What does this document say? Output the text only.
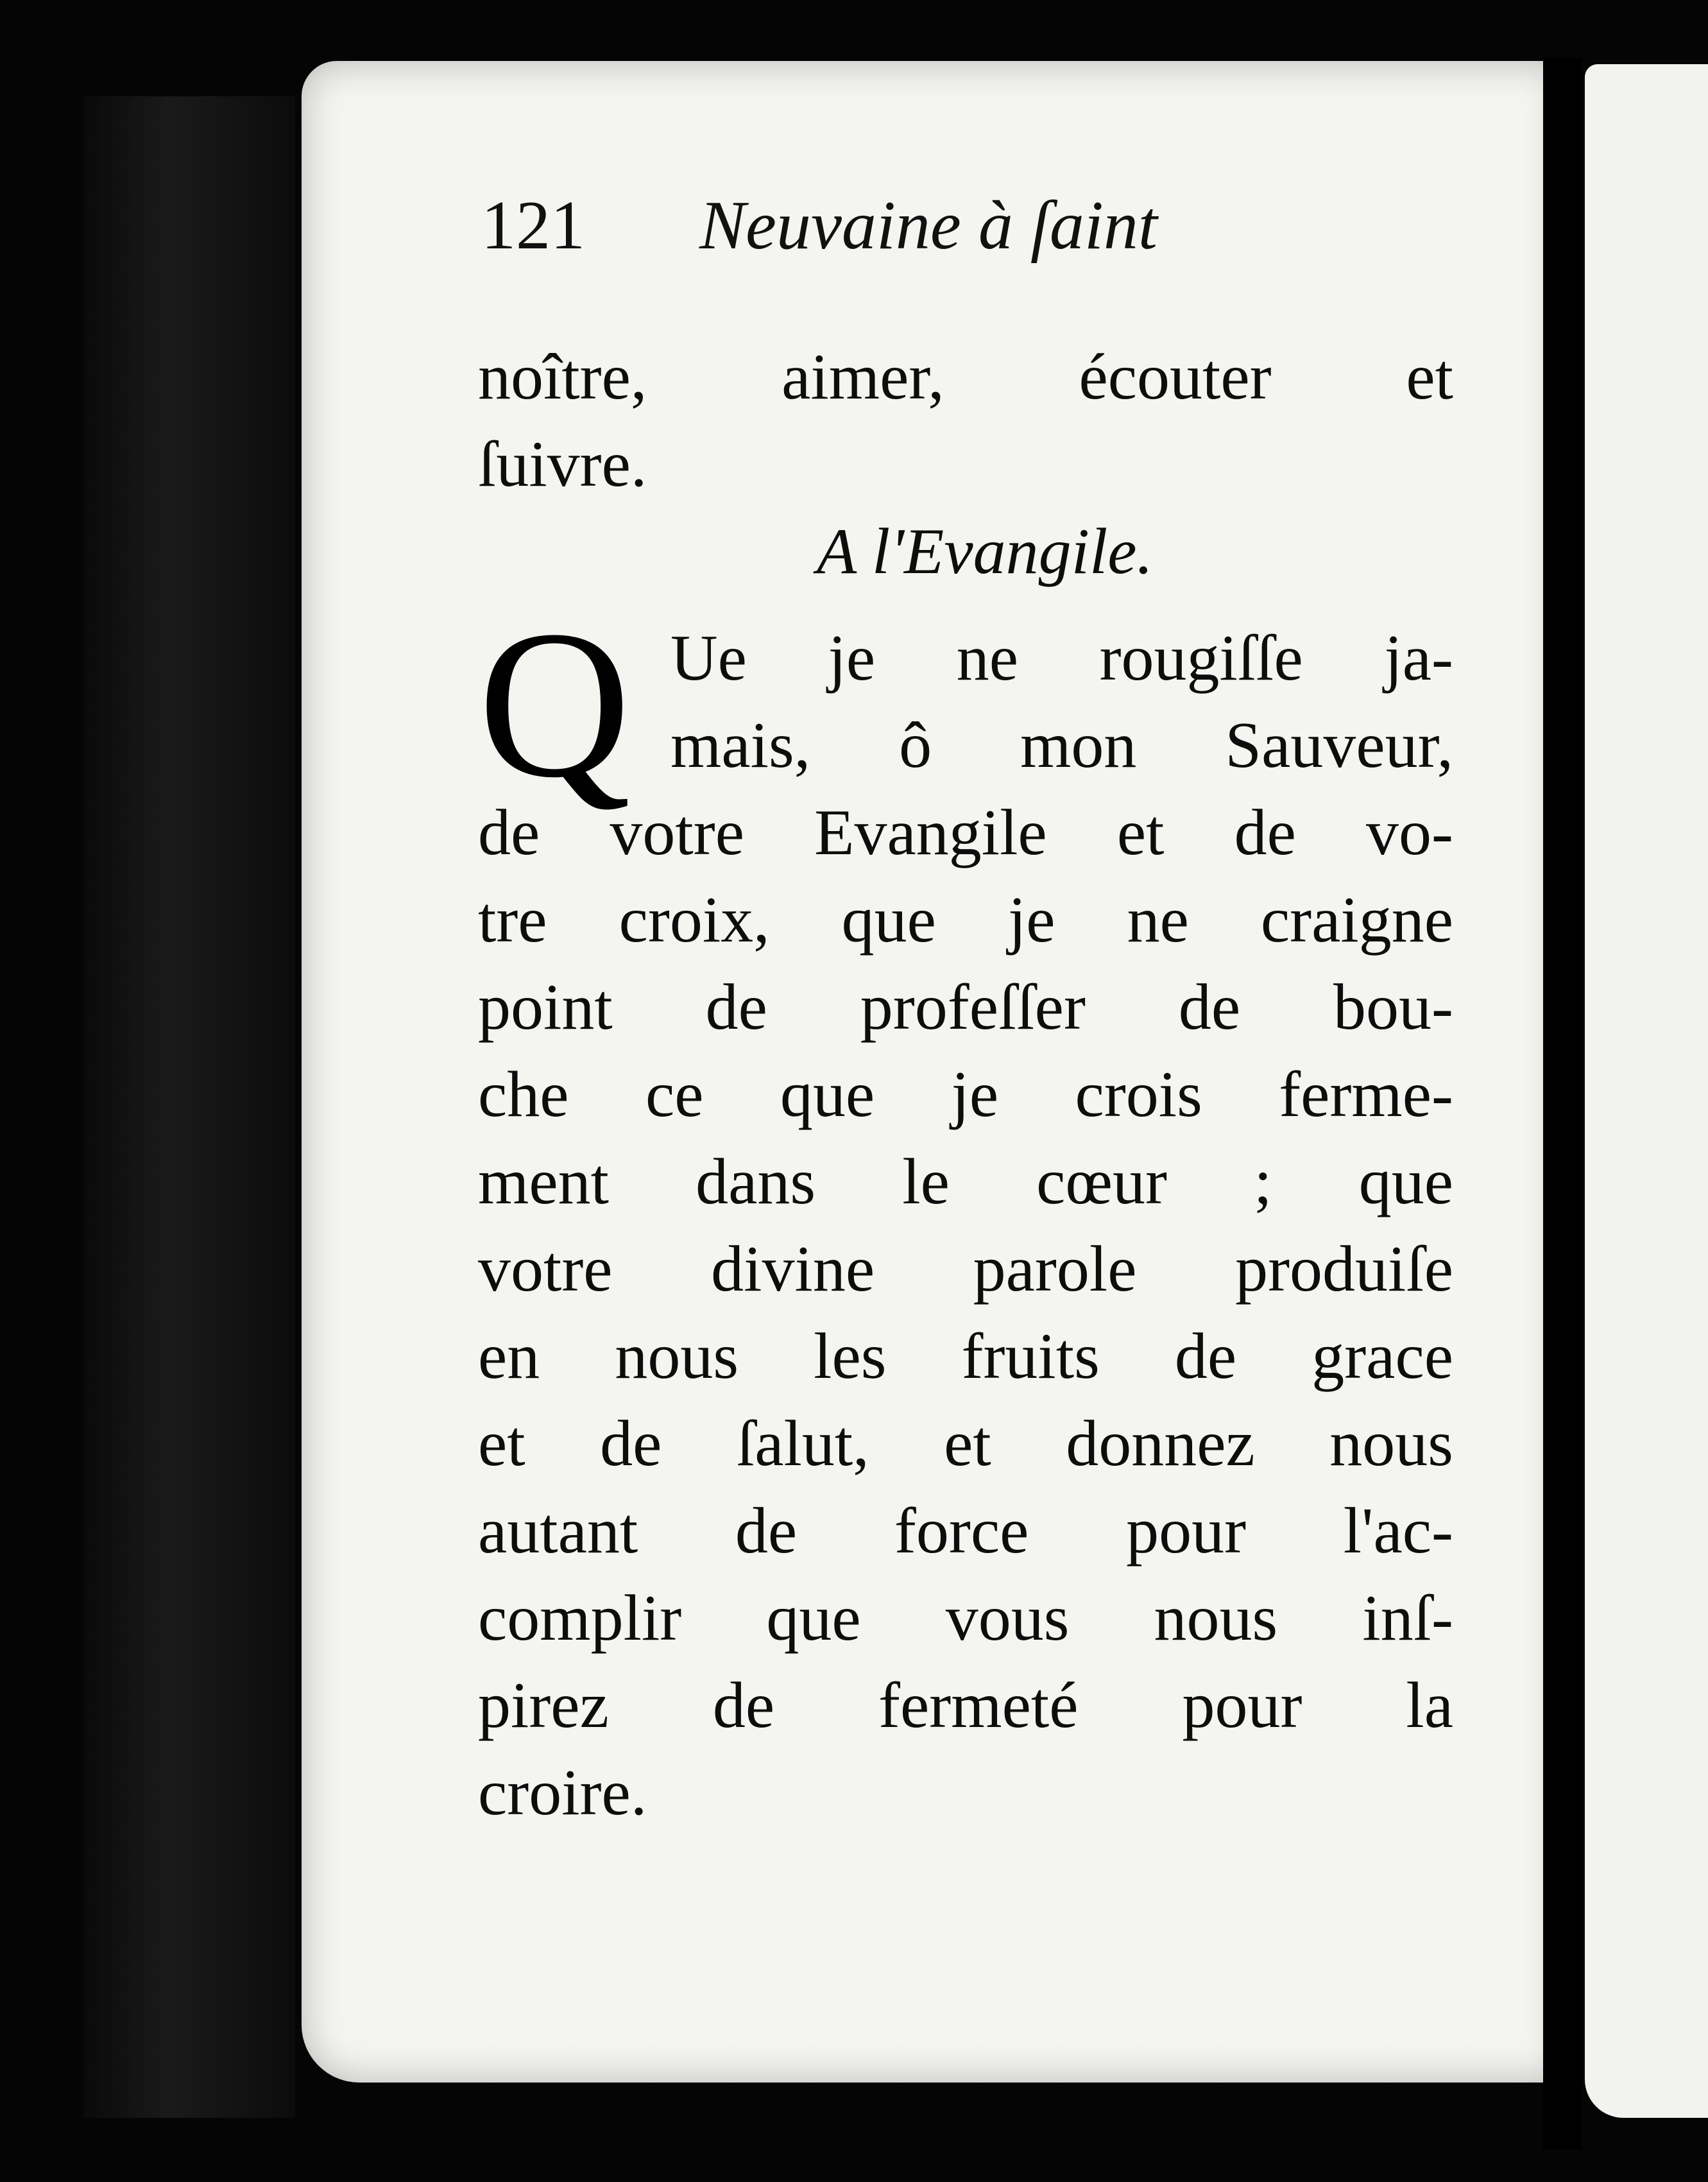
121 Neuvaine à ſaint
noître, aimer, écouter et
ſuivre.
A l'Evangile.
Q Ue je ne rougiſſe ja-
mais, ô mon Sauveur,
de votre Evangile et de vo-
tre croix, que je ne craigne
point de profeſſer de bou-
che ce que je crois ferme-
ment dans le cœur ; que
votre divine parole produiſe
en nous les fruits de grace
et de ſalut, et donnez nous
autant de force pour l'ac-
complir que vous nous inſ-
pirez de fermeté pour la
croire.
